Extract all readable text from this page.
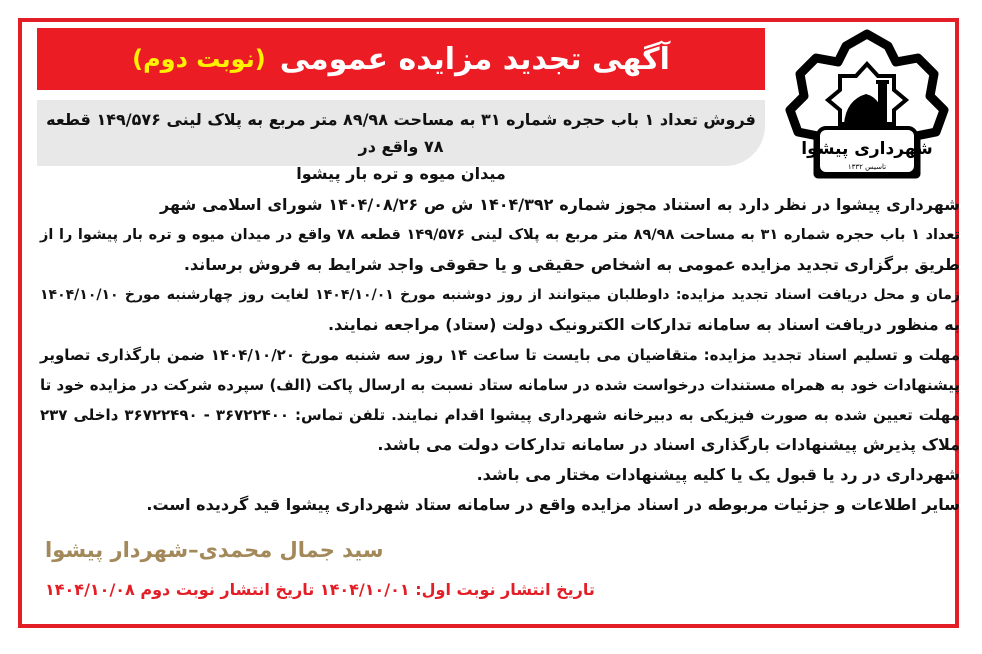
آگهی تجدید مزایده عمومی
(نوبت دوم)
فروش تعداد ۱ باب حجره شماره ۳۱ به مساحت ۸۹/۹۸ متر مربع به پلاک لینی ۱۴۹/۵۷۶ قطعه ۷۸ واقع در
میدان میوه و تره بار پیشوا
شهرداری پیشوا
تاسیس ۱۳۳۲
شهرداری پیشوا در نظر دارد به استناد مجوز شماره ۱۴۰۴/۳۹۲ ش ص ۱۴۰۴/۰۸/۲۶ شورای اسلامی شهر
تعداد ۱ باب حجره شماره ۳۱ به مساحت ۸۹/۹۸ متر مربع به پلاک لینی ۱۴۹/۵۷۶ قطعه ۷۸ واقع در میدان میوه و تره بار پیشوا را از
طریق برگزاری تجدید مزایده عمومی به اشخاص حقیقی و یا حقوقی واجد شرایط به فروش برساند.
زمان و محل دریافت اسناد تجدید مزایده: داوطلبان میتوانند از روز دوشنبه مورخ ۱۴۰۴/۱۰/۰۱ لغایت روز چهارشنبه مورخ ۱۴۰۴/۱۰/۱۰
به منظور دریافت اسناد به سامانه تدارکات الکترونیک دولت (ستاد) مراجعه نمایند.
مهلت و تسلیم اسناد تجدید مزایده: متقاضیان می بایست تا ساعت ۱۴ روز سه شنبه مورخ ۱۴۰۴/۱۰/۲۰ ضمن بارگذاری تصاویر
پیشنهادات خود به همراه مستندات درخواست شده در سامانه ستاد نسبت به ارسال پاکت (الف) سپرده شرکت در مزایده خود تا
مهلت تعیین شده به صورت فیزیکی به دبیرخانه شهرداری پیشوا اقدام نمایند. تلفن تماس: ۳۶۷۲۲۴۰۰ - ۳۶۷۲۲۴۹۰ داخلی ۲۳۷
ملاک پذیرش پیشنهادات بارگذاری اسناد در سامانه تدارکات دولت می باشد.
شهرداری در رد یا قبول یک یا کلیه پیشنهادات مختار می باشد.
سایر اطلاعات و جزئیات مربوطه در اسناد مزایده واقع در سامانه ستاد شهرداری پیشوا قید گردیده است.
سید جمال محمدی–شهردار پیشوا
تاریخ انتشار نوبت اول: ۱۴۰۴/۱۰/۰۱ تاریخ انتشار نوبت دوم ۱۴۰۴/۱۰/۰۸
